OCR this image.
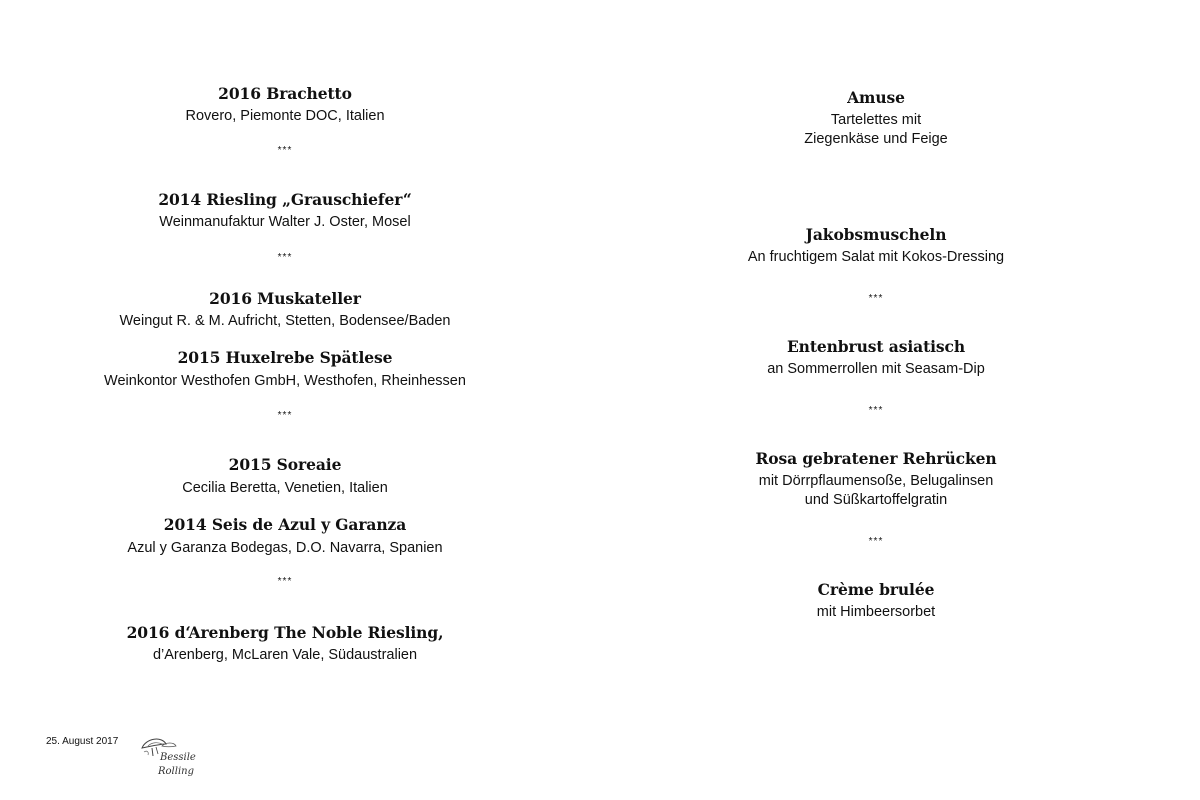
2016 Brachetto
Rovero, Piemonte DOC, Italien
***
2014 Riesling „Grauschiefer“
Weinmanufaktur Walter J. Oster, Mosel
***
2016 Muskateller
Weingut R. & M. Aufricht, Stetten, Bodensee/Baden
2015 Huxelrebe Spätlese
Weinkontor Westhofen GmbH, Westhofen, Rheinhessen
***
2015 Soreaie
Cecilia Beretta, Venetien, Italien
2014 Seis de Azul y Garanza
Azul y Garanza Bodegas, D.O. Navarra, Spanien
***
2016 d‘Arenberg The Noble Riesling,
d’Arenberg, McLaren Vale, Südaustralien
Amuse
Tartelettes mit
Ziegenkäse und Feige
Jakobsmuscheln
An fruchtigem Salat mit Kokos-Dressing
***
Entenbrust asiatisch
an Sommerrollen mit Seasam-Dip
***
Rosa gebratener Rehrücken
mit Dörrpflaumensoße, Belugalinsen
und Süßkartoffelgratin
***
Crème brulée
mit Himbeersorbet
25. August 2017
Bessile
Rolling
